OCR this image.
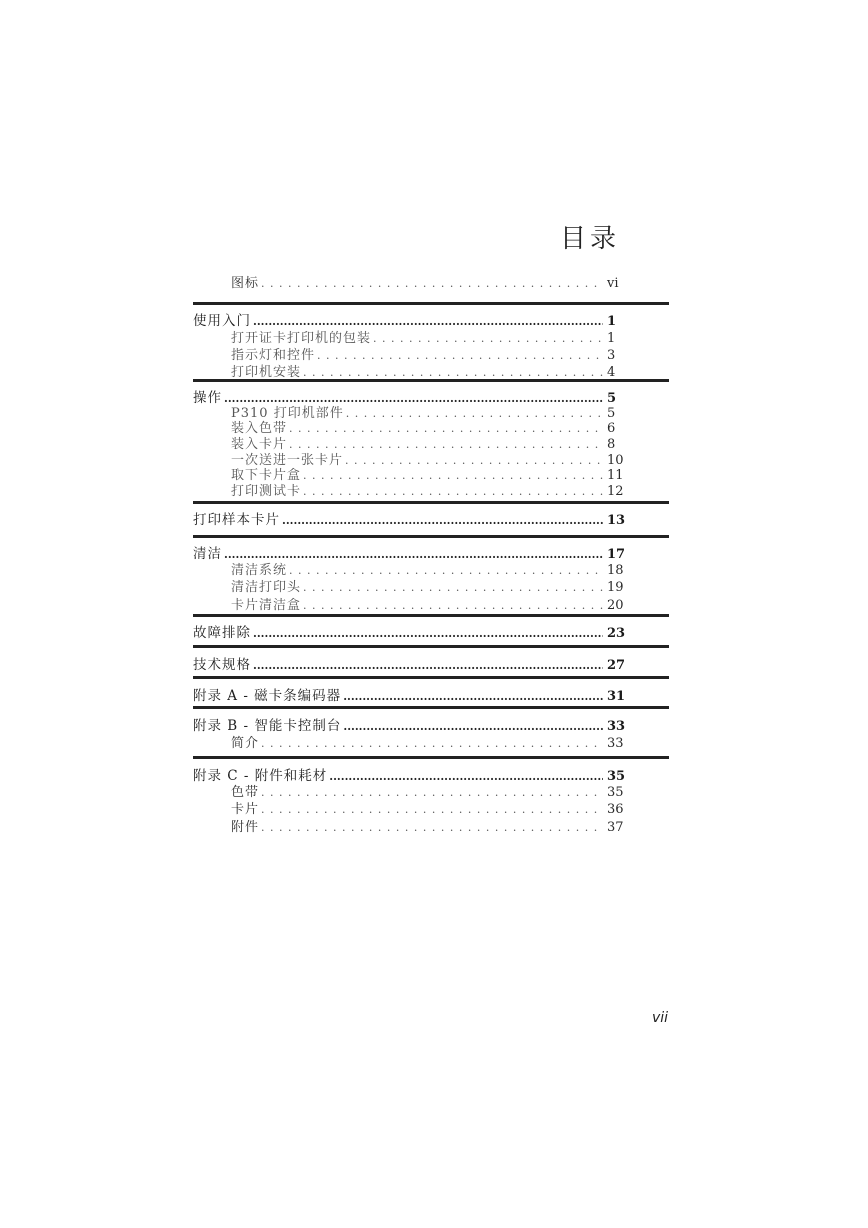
目录
图标 . . .	vi
使用入门 .....	1
打开证卡打印机的包装 . . .	1
指示灯和控件 . . .	3
打印机安装 . . .	4
操作 .....	5
P310 打印机部件 . . .	5
装入色带 . . .	6
装入卡片 . . .	8
一次送进一张卡片 . . .	10
取下卡片盒 . . .	11
打印测试卡 . . .	12
打印样本卡片 .....	13
清洁 .....	17
清洁系统 . . .	18
清洁打印头 . . .	19
卡片清洁盒 . . .	20
故障排除 .....	23
技术规格 .....	27
附录 A - 磁卡条编码器 .....	31
附录 B - 智能卡控制台 .....	33
简介 . . .	33
附录 C - 附件和耗材 .....	35
色带 . . .	35
卡片 . . .	36
附件 . . .	37
vii
